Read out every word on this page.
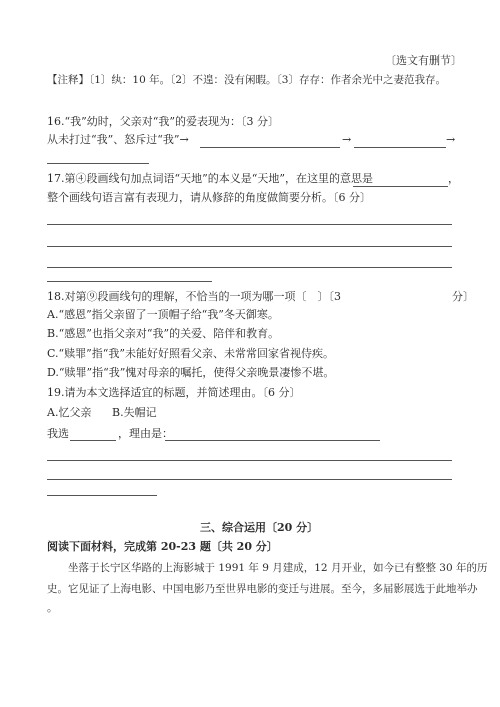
〔选文有删节〕
【注释】〔1〕纨：10 年。〔2〕不遑：没有闲暇。〔3〕存存：作者余光中之妻范我存。
16.“我”幼时，父亲对“我”的爱表现为：〔3 分〕
从未打过“我”、怒斥过“我”→	→	→
17.第④段画线句加点词语“天地”的本义是“天地”，在这里的意思是	，
整个画线句语言富有表现力，请从修辞的角度做简要分析。〔6 分〕
18.对第⑨段画线句的理解，不恰当的一项为哪一项〔　〕〔3	分〕
A.“感恩”指父亲留了一顶帽子给“我”冬天御寒。
B.“感恩”也指父亲对“我”的关爱、陪伴和教育。
C.“赎罪”指“我”未能好好照看父亲、未常常回家省视侍疾。
D.“赎罪”指“我”愧对母亲的嘱托，使得父亲晚景凄惨不堪。
19.请为本文选择适宜的标题，并简述理由。〔6 分〕
A.忆父亲 B.失帽记
我选	，理由是：
三、综合运用〔20 分〕
阅读下面材料，完成第 20-23 题〔共 20 分〕
坐落于长宁区华路的上海影城于 1991 年 9 月建成，12 月开业，如今已有整整 30 年的历
史。它见证了上海电影、中国电影乃至世界电影的变迁与进展。至今，多届影展选于此地举办
。
